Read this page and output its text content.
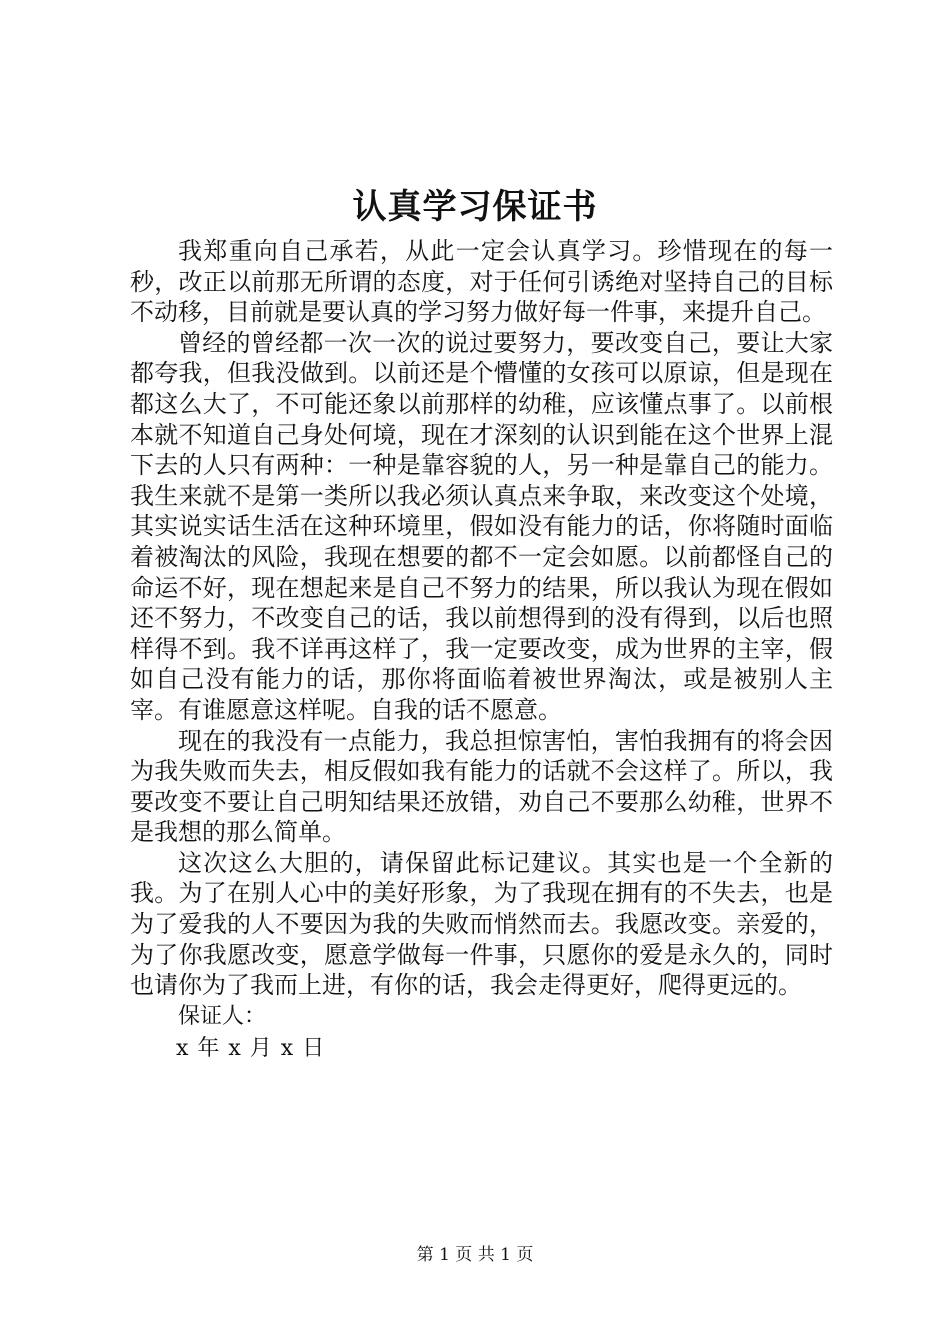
认真学习保证书

我郑重向自己承若，从此一定会认真学习。珍惜现在的每一秒，改正以前那无所谓的态度，对于任何引诱绝对坚持自己的目标不动移，目前就是要认真的学习努力做好每一件事，来提升自己。

曾经的曾经都一次一次的说过要努力，要改变自己，要让大家都夸我，但我没做到。以前还是个懵懂的女孩可以原谅，但是现在都这么大了，不可能还象以前那样的幼稚，应该懂点事了。以前根本就不知道自己身处何境，现在才深刻的认识到能在这个世界上混下去的人只有两种：一种是靠容貌的人，另一种是靠自己的能力。我生来就不是第一类所以我必须认真点来争取，来改变这个处境，其实说实话生活在这种环境里，假如没有能力的话，你将随时面临着被淘汰的风险，我现在想要的都不一定会如愿。以前都怪自己的命运不好，现在想起来是自己不努力的结果，所以我认为现在假如还不努力，不改变自己的话，我以前想得到的没有得到，以后也照样得不到。我不详再这样了，我一定要改变，成为世界的主宰，假如自己没有能力的话，那你将面临着被世界淘汰，或是被别人主宰。有谁愿意这样呢。自我的话不愿意。

现在的我没有一点能力，我总担惊害怕，害怕我拥有的将会因为我失败而失去，相反假如我有能力的话就不会这样了。所以，我要改变不要让自己明知结果还放错，劝自己不要那么幼稚，世界不是我想的那么简单。

这次这么大胆的，请保留此标记建议。其实也是一个全新的我。为了在别人心中的美好形象，为了我现在拥有的不失去，也是为了爱我的人不要因为我的失败而悄然而去。我愿改变。亲爱的，为了你我愿改变，愿意学做每一件事，只愿你的爱是永久的，同时也请你为了我而上进，有你的话，我会走得更好，爬得更远的。

保证人：

x 年 x 月 x 日

第 1 页 共 1 页
